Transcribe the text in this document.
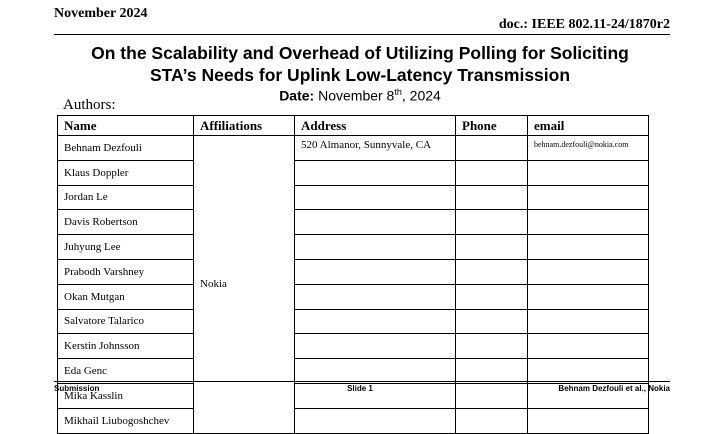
November 2024
doc.: IEEE 802.11-24/1870r2
On the Scalability and Overhead of Utilizing Polling for Soliciting
STA’s Needs for Uplink Low-Latency Transmission
Date: November 8th, 2024
Authors:
Name	Affiliations	Address	Phone	email
Behnam Dezfouli	Nokia	520 Almanor, Sunnyvale, CA		behnam.dezfouli@nokia.com
Klaus Doppler				
Jordan Le				
Davis Robertson				
Juhyung Lee				
Prabodh Varshney				
Okan Mutgan				
Salvatore Talarico				
Kerstin Johnsson				
Eda Genc				
Mika Kasslin				
Mikhail Liubogoshchev				
Submission	Slide 1	Behnam Dezfouli et al., Nokia
